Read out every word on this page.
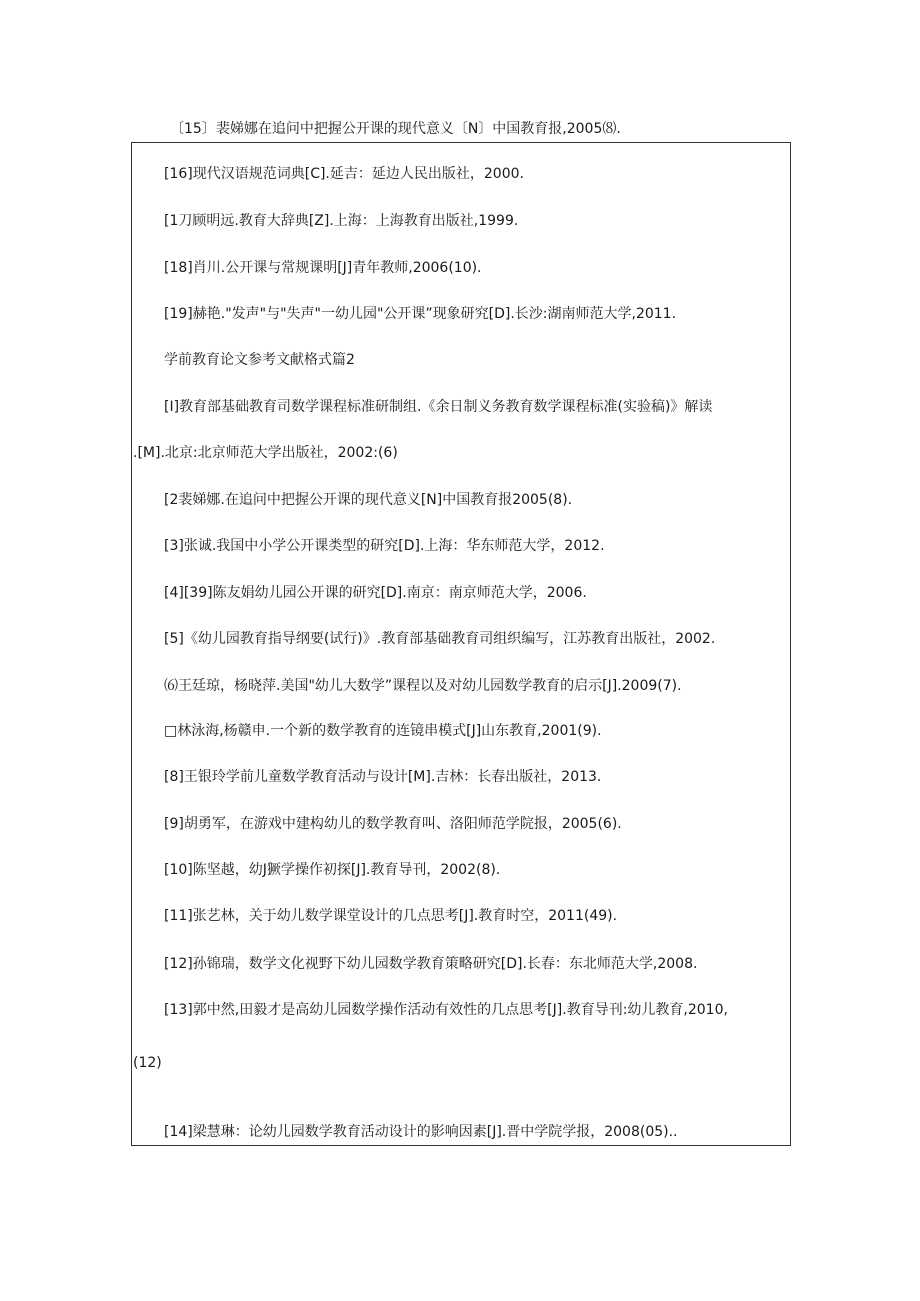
〔15〕裴娣娜在追问中把握公开课的现代意义〔N〕中国教育报,2005⑻.
[16]现代汉语规范词典[C].延吉：延边人民出版社，2000.
[1刀顾明远.教育大辞典[Z].上海：上海教育出版社,1999.
[18]肖川.公开课与常规课明[J]青年教师,2006(10).
[19]赫艳."发声"与"失声"一幼儿园"公开课”现象研究[D].长沙:湖南师范大学,2011.
学前教育论文参考文献格式篇2
[I]教育部基础教育司数学课程标准研制组.《余日制义务教育数学课程标准(实验稿)》解读
.[M].北京:北京师范大学出版社，2002:(6)
[2裴娣娜.在追问中把握公开课的现代意义[N]中国教育报2005(8).
[3]张诚.我国中小学公开课类型的研究[D].上海：华东师范大学，2012.
[4][39]陈友娟幼儿园公开课的研究[D].南京：南京师范大学，2006.
[5]《幼儿园教育指导纲要(试行)》.教育部基础教育司组织编写，江苏教育出版社，2002.
⑹王廷琼，杨晓萍.美国"幼儿大数学”课程以及对幼儿园数学教育的启示[J].2009(7).
□林泳海,杨赣申.一个新的数学教育的连镜串模式[J]山东教育,2001(9).
[8]王银玲学前儿童数学教育活动与设计[M].吉林：长春出版社，2013.
[9]胡勇军，在游戏中建构幼儿的数学教育叫、洛阳师范学院报，2005(6).
[10]陈坚越，幼J獗学操作初探[J].教育导刊，2002(8).
[11]张艺林，关于幼儿数学课堂设计的几点思考[J].教育时空，2011(49).
[12]孙锦瑞，数学文化视野下幼儿园数学教育策略研究[D].长春：东北师范大学,2008.
[13]郭中然,田毅才是高幼儿园数学操作活动有效性的几点思考[J].教育导刊:幼儿教育,2010,
(12)
[14]梁慧琳：论幼儿园数学教育活动设计的影响因素[J].晋中学院学报，2008(05)..
